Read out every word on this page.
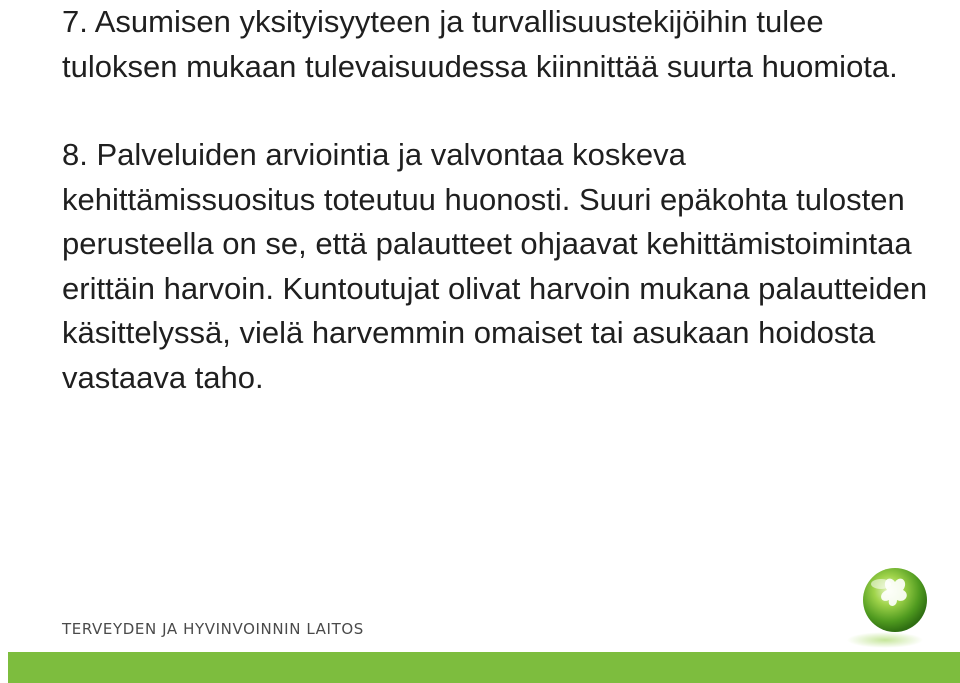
7. Asumisen yksityisyyteen ja turvallisuustekijöihin tulee tuloksen mukaan tulevaisuudessa kiinnittää suurta huomiota.

8. Palveluiden arviointia ja valvontaa koskeva kehittämissuositus toteutuu huonosti. Suuri epäkohta tulosten perusteella on se, että palautteet ohjaavat kehittämistoimintaa erittäin harvoin. Kuntoutujat olivat harvoin mukana palautteiden käsittelyssä, vielä harvemmin omaiset tai asukaan hoidosta vastaava taho.

TERVEYDEN JA HYVINVOINNIN LAITOS
